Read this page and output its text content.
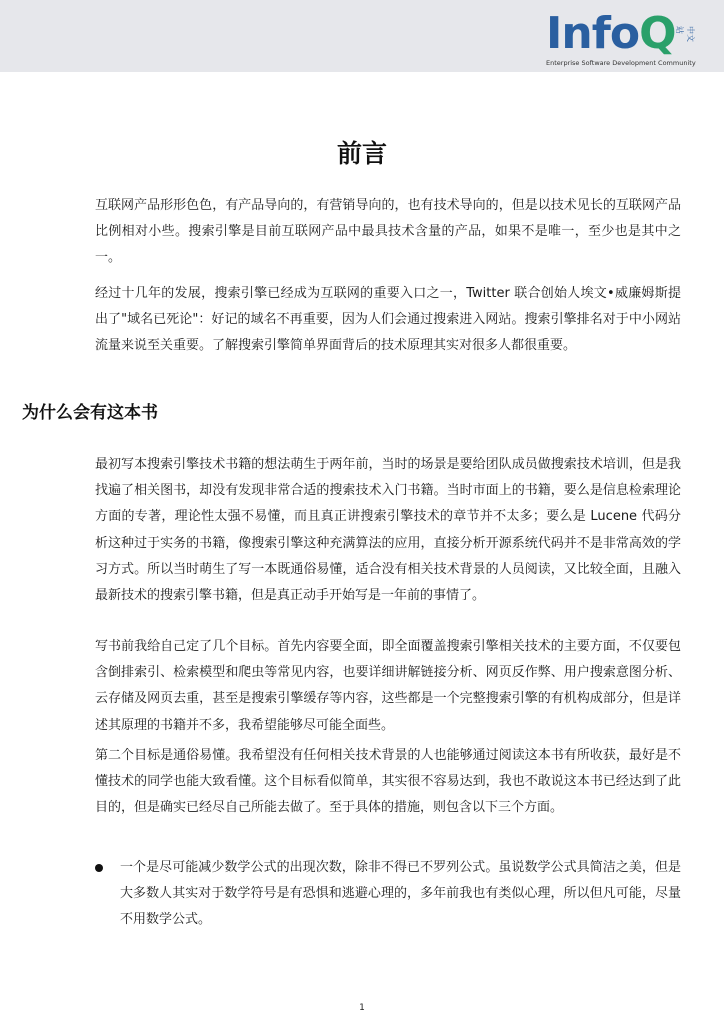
InfoQ	中文站
Enterprise Software Development Community
前言

互联网产品形形色色，有产品导向的，有营销导向的，也有技术导向的，但是以技术见长的互联网产品比例相对小些。搜索引擎是目前互联网产品中最具技术含量的产品，如果不是唯一，至少也是其中之一。

经过十几年的发展，搜索引擎已经成为互联网的重要入口之一，Twitter 联合创始人埃文•威廉姆斯提出了"域名已死论"：好记的域名不再重要，因为人们会通过搜索进入网站。搜索引擎排名对于中小网站流量来说至关重要。了解搜索引擎简单界面背后的技术原理其实对很多人都很重要。

为什么会有这本书

最初写本搜索引擎技术书籍的想法萌生于两年前，当时的场景是要给团队成员做搜索技术培训，但是我找遍了相关图书，却没有发现非常合适的搜索技术入门书籍。当时市面上的书籍，要么是信息检索理论方面的专著，理论性太强不易懂，而且真正讲搜索引擎技术的章节并不太多；要么是 Lucene 代码分析这种过于实务的书籍，像搜索引擎这种充满算法的应用，直接分析开源系统代码并不是非常高效的学习方式。所以当时萌生了写一本既通俗易懂，适合没有相关技术背景的人员阅读，又比较全面，且融入最新技术的搜索引擎书籍，但是真正动手开始写是一年前的事情了。

写书前我给自己定了几个目标。首先内容要全面，即全面覆盖搜索引擎相关技术的主要方面，不仅要包含倒排索引、检索模型和爬虫等常见内容，也要详细讲解链接分析、网页反作弊、用户搜索意图分析、云存储及网页去重，甚至是搜索引擎缓存等内容，这些都是一个完整搜索引擎的有机构成部分，但是详述其原理的书籍并不多，我希望能够尽可能全面些。

第二个目标是通俗易懂。我希望没有任何相关技术背景的人也能够通过阅读这本书有所收获，最好是不懂技术的同学也能大致看懂。这个目标看似简单，其实很不容易达到，我也不敢说这本书已经达到了此目的，但是确实已经尽自己所能去做了。至于具体的措施，则包含以下三个方面。

一个是尽可能减少数学公式的出现次数，除非不得已不罗列公式。虽说数学公式具简洁之美，但是大多数人其实对于数学符号是有恐惧和逃避心理的，多年前我也有类似心理，所以但凡可能，尽量不用数学公式。

1
